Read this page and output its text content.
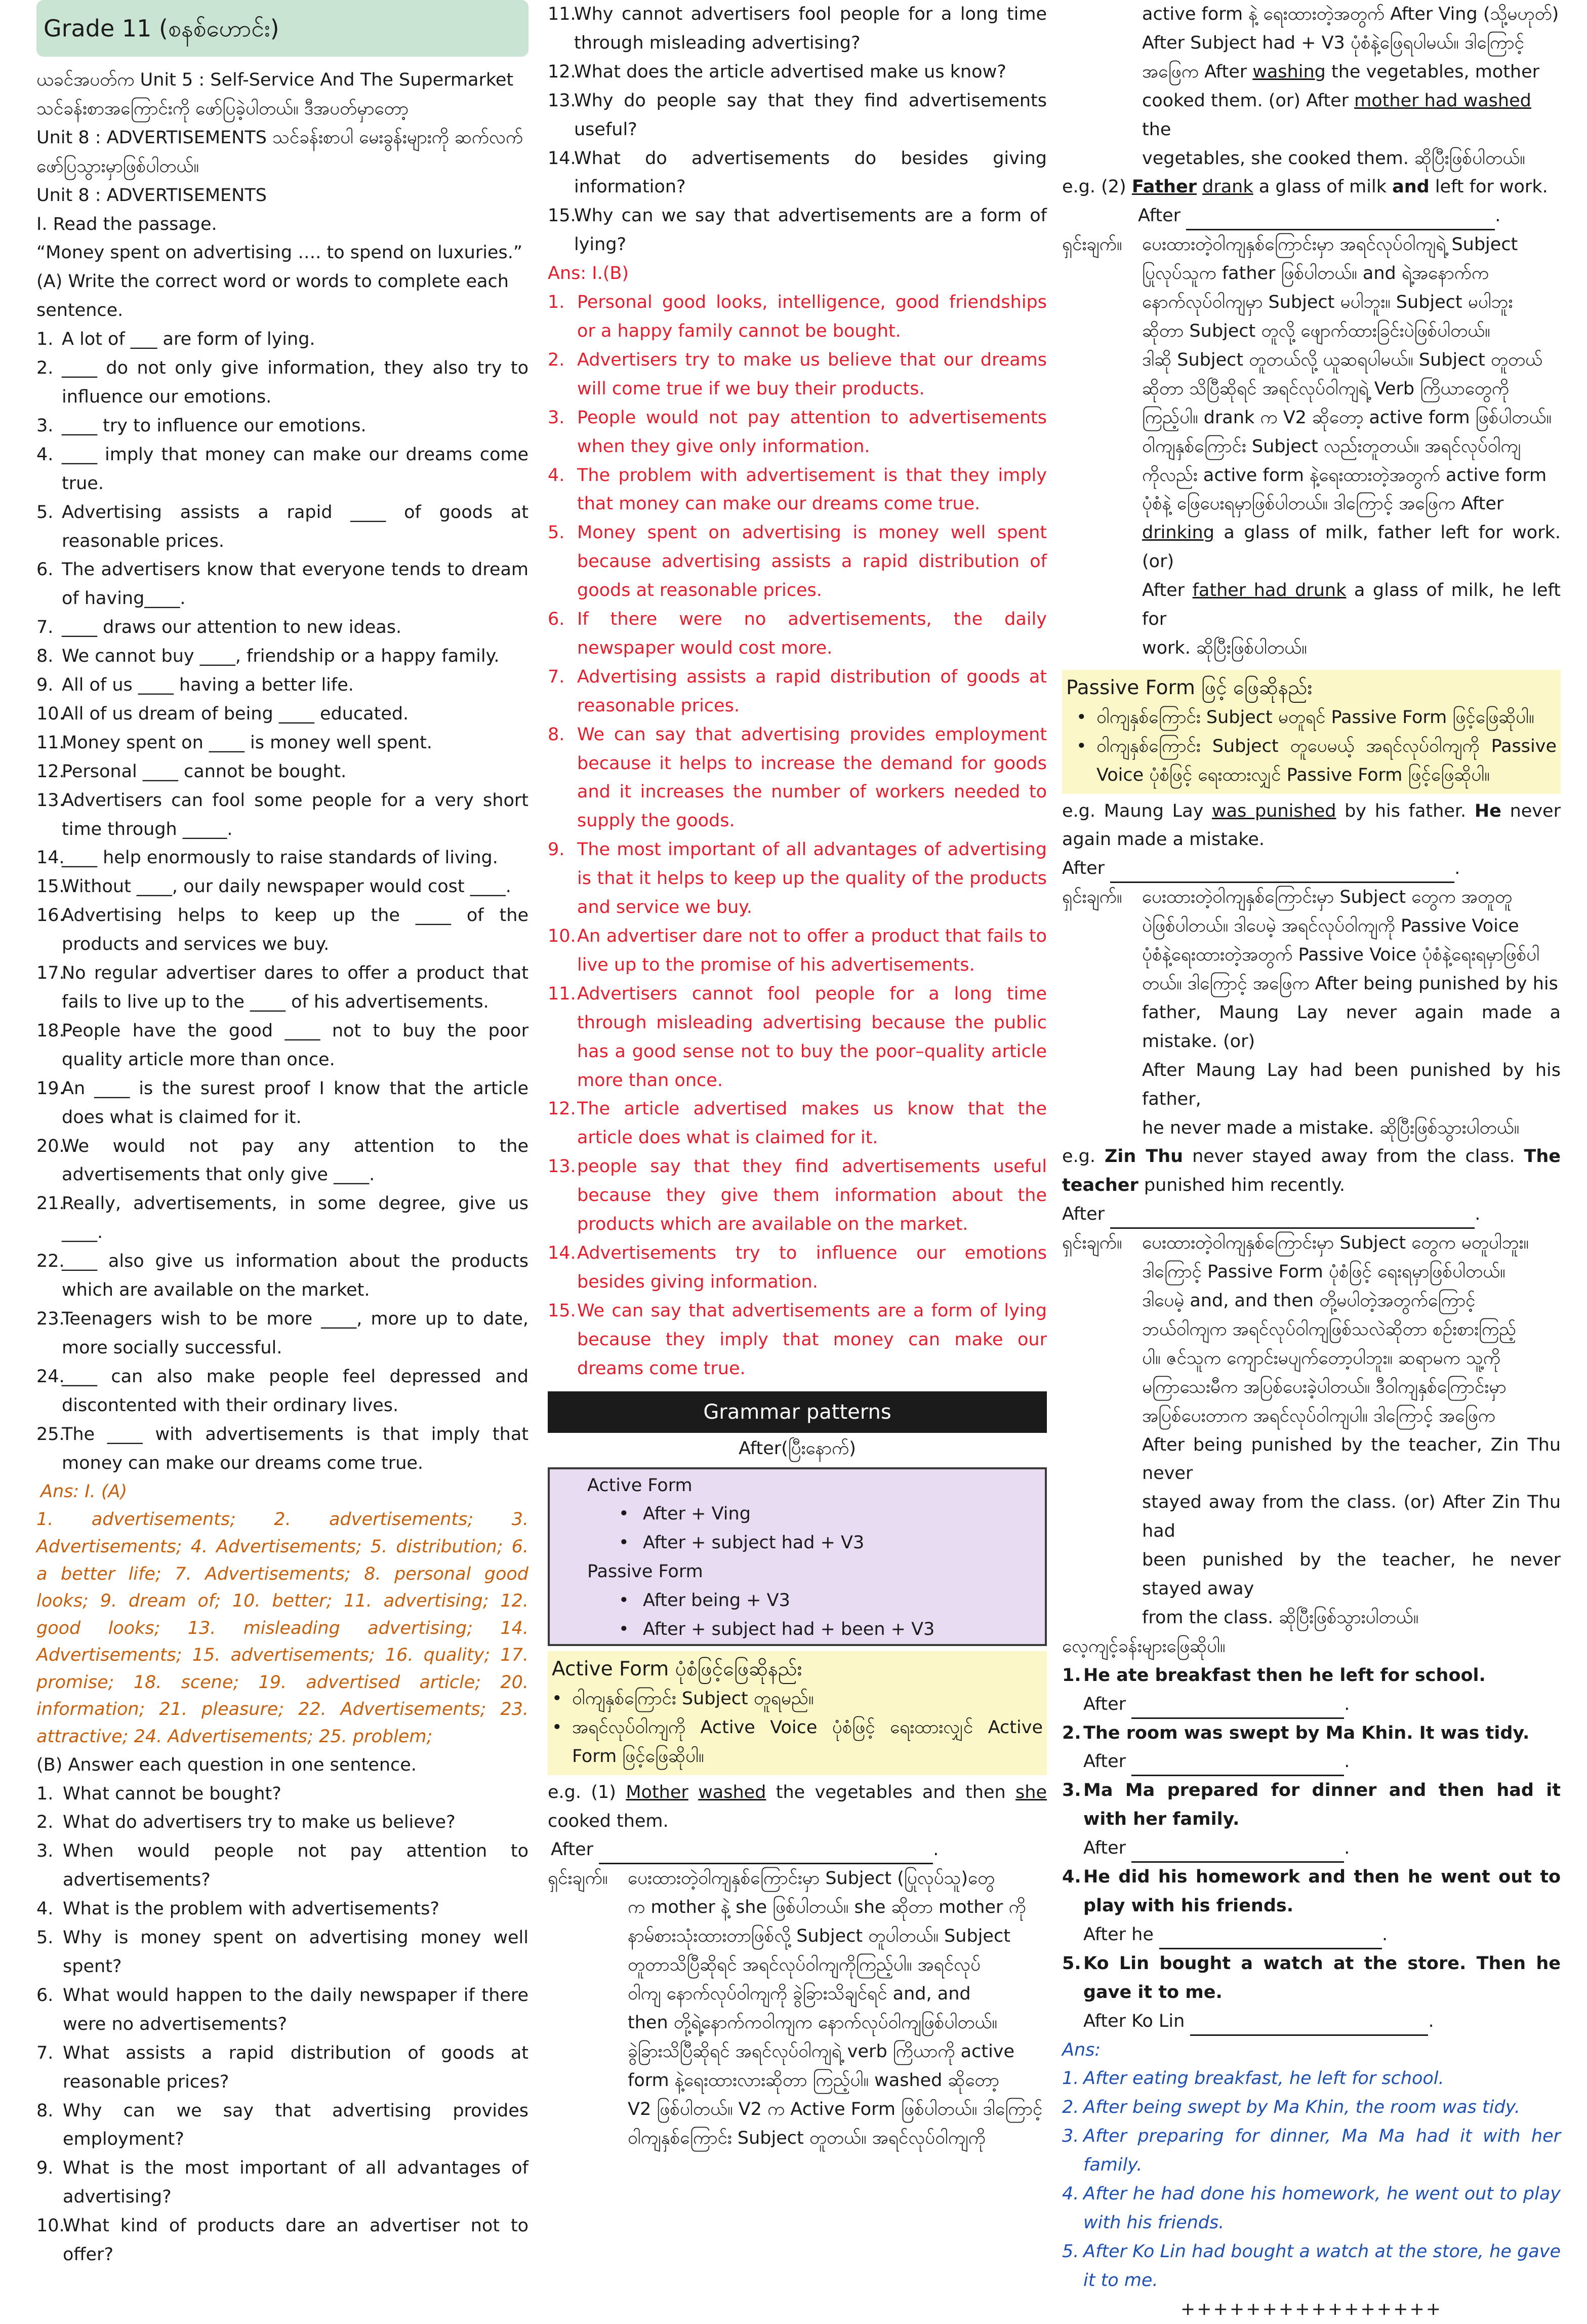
Grade 11 (စနစ်ဟောင်း)

ယခင်အပတ်က Unit 5 : Self-Service And The Supermarket

သင်ခန်းစာအကြောင်းကို ဖော်ပြခဲ့ပါတယ်။ ဒီအပတ်မှာတော့

Unit 8 : ADVERTISEMENTS သင်ခန်းစာပါ မေးခွန်းများကို ဆက်လက်

ဖော်ပြသွားမှာဖြစ်ပါတယ်။

Unit 8 : ADVERTISEMENTS

I. Read the passage.

“Money spent on advertising …. to spend on luxuries.”

(A) Write the correct word or words to complete each sentence.

1. A lot of ___ are form of lying.
2. ____ do not only give information, they also try to influence our emotions.
3. ____ try to influence our emotions.
4. ____ imply that money can make our dreams come true.
5. Advertising assists a rapid ____ of goods at reasonable prices.
6. The advertisers know that everyone tends to dream of having____.
7. ____ draws our attention to new ideas.
8. We cannot buy ____, friendship or a happy family.
9. All of us ____ having a better life.
10.
All of us dream of being ____ educated.
11.
Money spent on ____ is money well spent.
12.
Personal ____ cannot be bought.
13.
Advertisers can fool some people for a very short time through _____.
14.
____ help enormously to raise standards of living.
15.
Without ____, our daily newspaper would cost ____.
16.
Advertising helps to keep up the ____ of the products and services we buy.
17.
No regular advertiser dares to offer a product that fails to live up to the ____ of his advertisements.
18.
People have the good ____ not to buy the poor quality article more than once.
19.
An ____ is the surest proof I know that the article does what is claimed for it.
20.
We would not pay any attention to the advertisements that only give ____.
21.
Really, advertisements, in some degree, give us ____.
22.
____ also give us information about the products which are available on the market.
23.
Teenagers wish to be more ____, more up to date, more socially successful.
24.
____ can also make people feel depressed and discontented with their ordinary lives.
25.
The ____ with advertisements is that imply that money can make our dreams come true.

Ans: I. (A)

1. advertisements; 2. advertisements; 3. Advertisements; 4. Advertisements; 5. distribution; 6. a better life; 7. Advertisements; 8. personal good looks; 9. dream of; 10. better; 11. advertising; 12. good looks; 13. misleading advertising; 14. Advertisements; 15. advertisements; 16. quality; 17. promise; 18. scene; 19. advertised article; 20. information; 21. pleasure; 22. Advertisements; 23. attractive; 24. Advertisements; 25. problem;

(B) Answer each question in one sentence.

1. What cannot be bought?
2. What do advertisers try to make us believe?
3. When would people not pay attention to advertisements?
4. What is the problem with advertisements?
5. Why is money spent on advertising money well spent?
6. What would happen to the daily newspaper if there were no advertisements?
7. What assists a rapid distribution of goods at reasonable prices?
8. Why can we say that advertising provides employment?
9. What is the most important of all advantages of advertising?
10.
What kind of products dare an advertiser not to offer?
11.
Why cannot advertisers fool people for a long time through misleading advertising?
12.
What does the article advertised make us know?
13.
Why do people say that they find advertisements useful?
14.
What do advertisements do besides giving information?
15.
Why can we say that advertisements are a form of lying?

Ans: I.(B)

1. Personal good looks, intelligence, good friendships or a happy family cannot be bought.
2. Advertisers try to make us believe that our dreams will come true if we buy their products.
3. People would not pay attention to advertisements when they give only information.
4. The problem with advertisement is that they imply that money can make our dreams come true.
5. Money spent on advertising is money well spent because advertising assists a rapid distribution of goods at reasonable prices.
6. If there were no advertisements, the daily newspaper would cost more.
7. Advertising assists a rapid distribution of goods at reasonable prices.
8. We can say that advertising provides employment because it helps to increase the demand for goods and it increases the number of workers needed to supply the goods.
9. The most important of all advantages of advertising is that it helps to keep up the quality of the products and service we buy.
10. An advertiser dare not to offer a product that fails to live up to the promise of his advertisements.
11. Advertisers cannot fool people for a long time through misleading advertising because the public has a good sense not to buy the poor–quality article more than once.
12. The article advertised makes us know that the article does what is claimed for it.
13. people say that they find advertisements useful because they give them information about the products which are available on the market.
14. Advertisements try to influence our emotions besides giving information.
15. We can say that advertisements are a form of lying because they imply that money can make our dreams come true.
Grammar patterns

After(ပြီးနောက်)

Active Form

• After + Ving
• After + subject had + V3

Passive Form

• After being + V3
• After + subject had + been + V3

Active Form ပုံစံဖြင့်ဖြေဆိုနည်း

• ဝါကျနှစ်ကြောင်း Subject တူရမည်။
• အရင်လုပ်ဝါကျကို Active Voice ပုံစံဖြင့် ရေးထားလျှင် Active Form ဖြင့်ဖြေဆိုပါ။

e.g. (1) Mother washed the vegetables and then she cooked them.

After	.

ရှင်းချက်။	ပေးထားတဲ့ဝါကျနှစ်ကြောင်းမှာ Subject (ပြုလုပ်သူ)တွေ

က mother နဲ့ she ဖြစ်ပါတယ်။ she ဆိုတာ mother ကို

နာမ်စားသုံးထားတာဖြစ်လို့ Subject တူပါတယ်။ Subject

တူတာသိပြီဆိုရင် အရင်လုပ်ဝါကျကိုကြည့်ပါ။ အရင်လုပ်

ဝါကျ နောက်လုပ်ဝါကျကို ခွဲခြားသိချင်ရင် and, and

then တို့ရဲ့နောက်ကဝါကျက နောက်လုပ်ဝါကျဖြစ်ပါတယ်။

ခွဲခြားသိပြီဆိုရင် အရင်လုပ်ဝါကျရဲ့ verb ကြိယာကို active

form နဲ့ရေးထားလားဆိုတာ ကြည့်ပါ။ washed ဆိုတော့

V2 ဖြစ်ပါတယ်။ V2 က Active Form ဖြစ်ပါတယ်။ ဒါကြောင့်

ဝါကျနှစ်ကြောင်း Subject တူတယ်။ အရင်လုပ်ဝါကျကို

active form နဲ့ ရေးထားတဲ့အတွက် After Ving (သို့မဟုတ်)

After Subject had + V3 ပုံစံနဲ့ဖြေရပါမယ်။ ဒါကြောင့်

အဖြေက After washing the vegetables, mother

cooked them. (or) After mother had washed the

vegetables, she cooked them. ဆိုပြီးဖြစ်ပါတယ်။

e.g. (2) Father drank a glass of milk and left for work.

After	.

ရှင်းချက်။	ပေးထားတဲ့ဝါကျနှစ်ကြောင်းမှာ အရင်လုပ်ဝါကျရဲ့ Subject

ပြုလုပ်သူက father ဖြစ်ပါတယ်။ and ရဲ့အနောက်က

နောက်လုပ်ဝါကျမှာ Subject မပါဘူး။ Subject မပါဘူး

ဆိုတာ Subject တူလို့ ဖျောက်ထားခြင်းပဲဖြစ်ပါတယ်။

ဒါဆို Subject တူတယ်လို့ ယူဆရပါမယ်။ Subject တူတယ်

ဆိုတာ သိပြီဆိုရင် အရင်လုပ်ဝါကျရဲ့ Verb ကြိယာတွေကို

ကြည့်ပါ။ drank က V2 ဆိုတော့ active form ဖြစ်ပါတယ်။

ဝါကျနှစ်ကြောင်း Subject လည်းတူတယ်။ အရင်လုပ်ဝါကျ

ကိုလည်း active form နဲ့ရေးထားတဲ့အတွက် active form

ပုံစံနဲ့ ဖြေပေးရမှာဖြစ်ပါတယ်။ ဒါကြောင့် အဖြေက After

drinking a glass of milk, father left for work. (or)

After father had drunk a glass of milk, he left for

work. ဆိုပြီးဖြစ်ပါတယ်။

Passive Form ဖြင့် ဖြေဆိုနည်း

• ဝါကျနှစ်ကြောင်း Subject မတူရင် Passive Form ဖြင့်ဖြေဆိုပါ။
• ဝါကျနှစ်ကြောင်း Subject တူပေမယ့် အရင်လုပ်ဝါကျကို Passive Voice ပုံစံဖြင့် ရေးထားလျှင် Passive Form ဖြင့်ဖြေဆိုပါ။

e.g. Maung Lay was punished by his father. He never again made a mistake.

After	.

ရှင်းချက်။	ပေးထားတဲ့ဝါကျနှစ်ကြောင်းမှာ Subject တွေက အတူတူ

ပဲဖြစ်ပါတယ်။ ဒါပေမဲ့ အရင်လုပ်ဝါကျကို Passive Voice

ပုံစံနဲ့ရေးထားတဲ့အတွက် Passive Voice ပုံစံနဲ့ရေးရမှာဖြစ်ပါ

တယ်။ ဒါကြောင့် အဖြေက After being punished by his

father, Maung Lay never again made a mistake. (or)

After Maung Lay had been punished by his father,

he never made a mistake. ဆိုပြီးဖြစ်သွားပါတယ်။

e.g. Zin Thu never stayed away from the class. The teacher punished him recently.

After	.

ရှင်းချက်။	ပေးထားတဲ့ဝါကျနှစ်ကြောင်းမှာ Subject တွေက မတူပါဘူး။

ဒါကြောင့် Passive Form ပုံစံဖြင့် ရေးရမှာဖြစ်ပါတယ်။

ဒါပေမဲ့ and, and then တို့မပါတဲ့အတွက်ကြောင့်

ဘယ်ဝါကျက အရင်လုပ်ဝါကျဖြစ်သလဲဆိုတာ စဉ်းစားကြည့်

ပါ။ ဇင်သူက ကျောင်းမပျက်တော့ပါဘူး။ ဆရာမက သူ့ကို

မကြာသေးမီက အပြစ်ပေးခဲ့ပါတယ်။ ဒီဝါကျနှစ်ကြောင်းမှာ

အပြစ်ပေးတာက အရင်လုပ်ဝါကျပါ။ ဒါကြောင့် အဖြေက

After being punished by the teacher, Zin Thu never

stayed away from the class. (or) After Zin Thu had

been punished by the teacher, he never stayed away

from the class. ဆိုပြီးဖြစ်သွားပါတယ်။

လေ့ကျင့်ခန်းများဖြေဆိုပါ။

1. He ate breakfast then he left for school.

After	.

2. The room was swept by Ma Khin. It was tidy.

After	.

3. Ma Ma prepared for dinner and then had it with her family.

After	.

4. He did his homework and then he went out to play with his friends.

After he	.

5. Ko Lin bought a watch at the store. Then he gave it to me.

After Ko Lin	.

Ans:

1. After eating breakfast, he left for school.
2. After being swept by Ma Khin, the room was tidy.
3. After preparing for dinner, Ma Ma had it with her family.
4. After he had done his homework, he went out to play with his friends.
5. After Ko Lin had bought a watch at the store, he gave it to me.

++++++++++++++++
